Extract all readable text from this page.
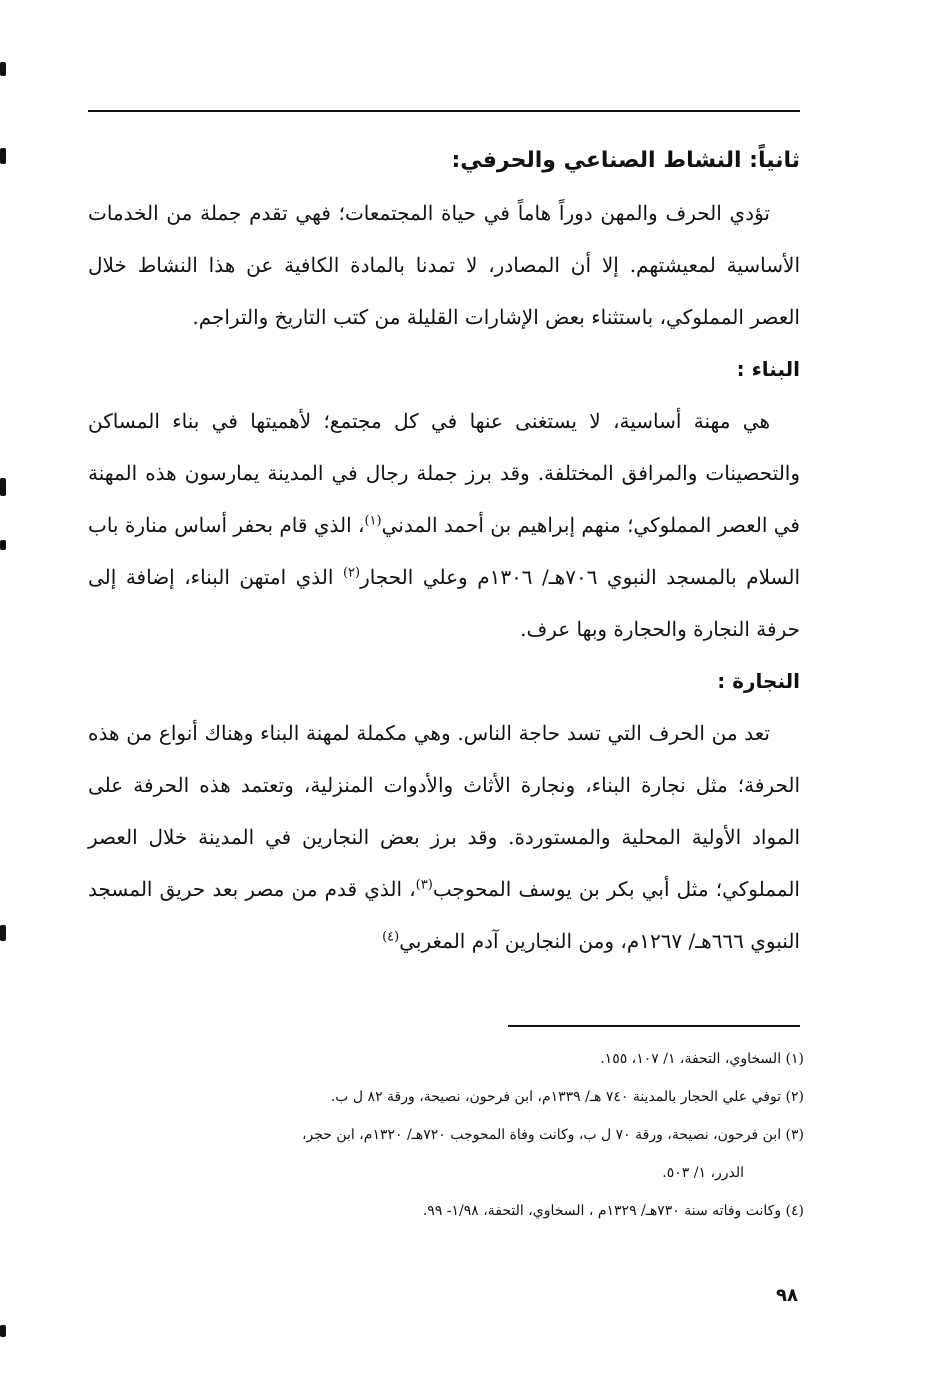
ثانياً: النشاط الصناعي والحرفي:

تؤدي الحرف والمهن دوراً هاماً في حياة المجتمعات؛ فهي تقدم جملة من الخدمات الأساسية لمعيشتهم. إلا أن المصادر، لا تمدنا بالمادة الكافية عن هذا النشاط خلال العصر المملوكي، باستثناء بعض الإشارات القليلة من كتب التاريخ والتراجم.

البناء :

هي مهنة أساسية، لا يستغنى عنها في كل مجتمع؛ لأهميتها في بناء المساكن والتحصينات والمرافق المختلفة. وقد برز جملة رجال في المدينة يمارسون هذه المهنة في العصر المملوكي؛ منهم إبراهيم بن أحمد المدني$^{(١)}$، الذي قام بحفر أساس منارة باب السلام بالمسجد النبوي ٧٠٦هـ/ ١٣٠٦م وعلي الحجار$^{(٢)}$ الذي امتهن البناء، إضافة إلى حرفة النجارة والحجارة وبها عرف.

النجارة :

تعد من الحرف التي تسد حاجة الناس. وهي مكملة لمهنة البناء وهناك أنواع من هذه الحرفة؛ مثل نجارة البناء، ونجارة الأثاث والأدوات المنزلية، وتعتمد هذه الحرفة على المواد الأولية المحلية والمستوردة. وقد برز بعض النجارين في المدينة خلال العصر المملوكي؛ مثل أبي بكر بن يوسف المحوجب$^{(٣)}$، الذي قدم من مصر بعد حريق المسجد النبوي ٦٦٦هـ/ ١٢٦٧م، ومن النجارين آدم المغربي$^{(٤)}$

(١) السخاوي، التحفة، ١/ ١٠٧، ١٥٥.

(٢) توفي علي الحجار بالمدينة ٧٤٠ هـ/ ١٣٣٩م، ابن فرحون، نصيحة، ورقة ٨٢ ل ب.

(٣) ابن فرحون، نصيحة، ورقة ٧٠ ل ب، وكانت وفاة المحوجب ٧٢٠هـ/ ١٣٢٠م، ابن حجر،

الدرر، ١/ ٥٠٣.

(٤) وكانت وفاته سنة ٧٣٠هـ/ ١٣٢٩م ، السخاوي، التحفة، ١/٩٨- ٩٩.

٩٨
